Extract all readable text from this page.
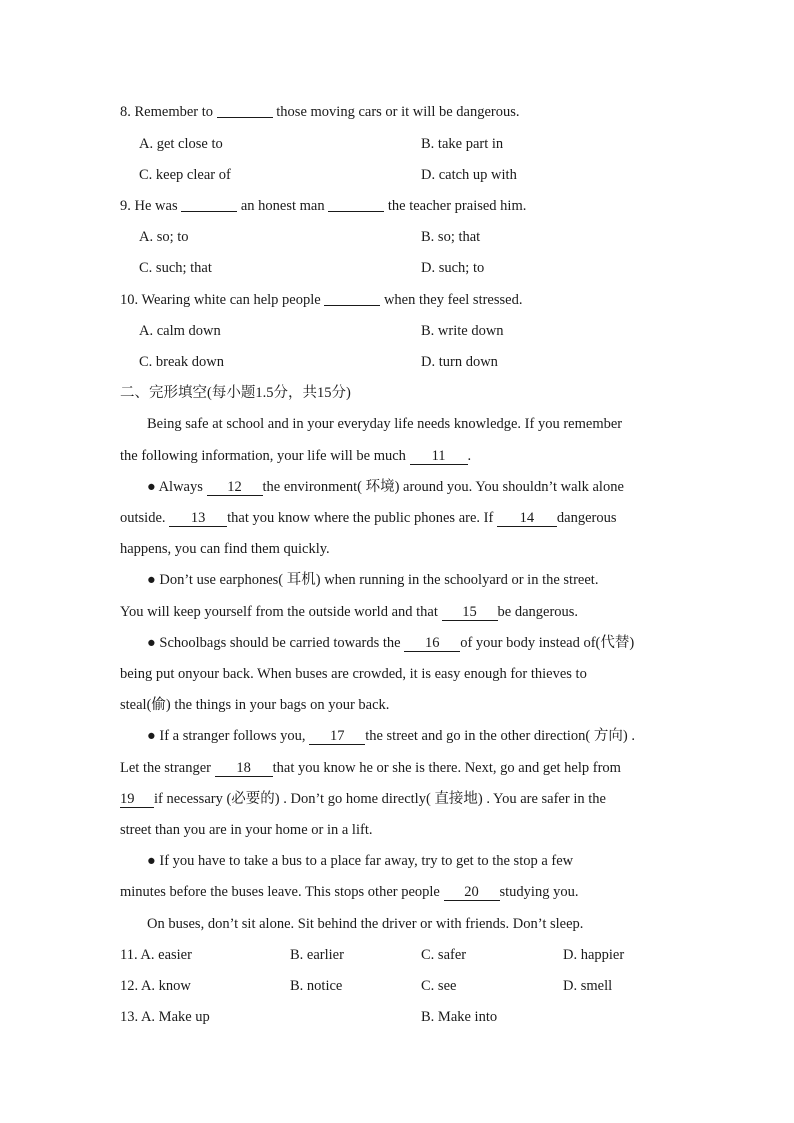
8. Remember to	those moving cars or it will be dangerous.
A. get close to	B. take part in
C. keep clear of	D. catch up with
9. He was	an honest man	the teacher praised him.
A. so; to	B. so; that
C. such; that	D. such; to
10. Wearing white can help people	when they feel stressed.
A. calm down	B. write down
C. break down	D. turn down
二、完形填空(每小题1.5分，共15分)
Being safe at school and in your everyday life needs knowledge. If you remember
the following information, your life will be much 11 .
● Always 12 the environment( 环境) around you. You shouldn’t walk alone
outside. 13 that you know where the public phones are. If 14 dangerous
happens, you can find them quickly.
● Don’t use earphones( 耳机) when running in the schoolyard or in the street.
You will keep yourself from the outside world and that 15 be dangerous.
● Schoolbags should be carried towards the 16 of your body instead of(代替)
being put onyour back. When buses are crowded, it is easy enough for thieves to
steal(偷) the things in your bags on your back.
● If a stranger follows you, 17 the street and go in the other direction( 方向) .
Let the stranger 18 that you know he or she is there. Next, go and get help from
19 if necessary (必要的) . Don’t go home directly( 直接地) . You are safer in the
street than you are in your home or in a lift.
● If you have to take a bus to a place far away, try to get to the stop a few
minutes before the buses leave. This stops other people 20 studying you.
On buses, don’t sit alone. Sit behind the driver or with friends. Don’t sleep.
11. A. easier	B. earlier	C. safer	D. happier
12. A. know	B. notice	C. see	D. smell
13. A. Make up	B. Make into
